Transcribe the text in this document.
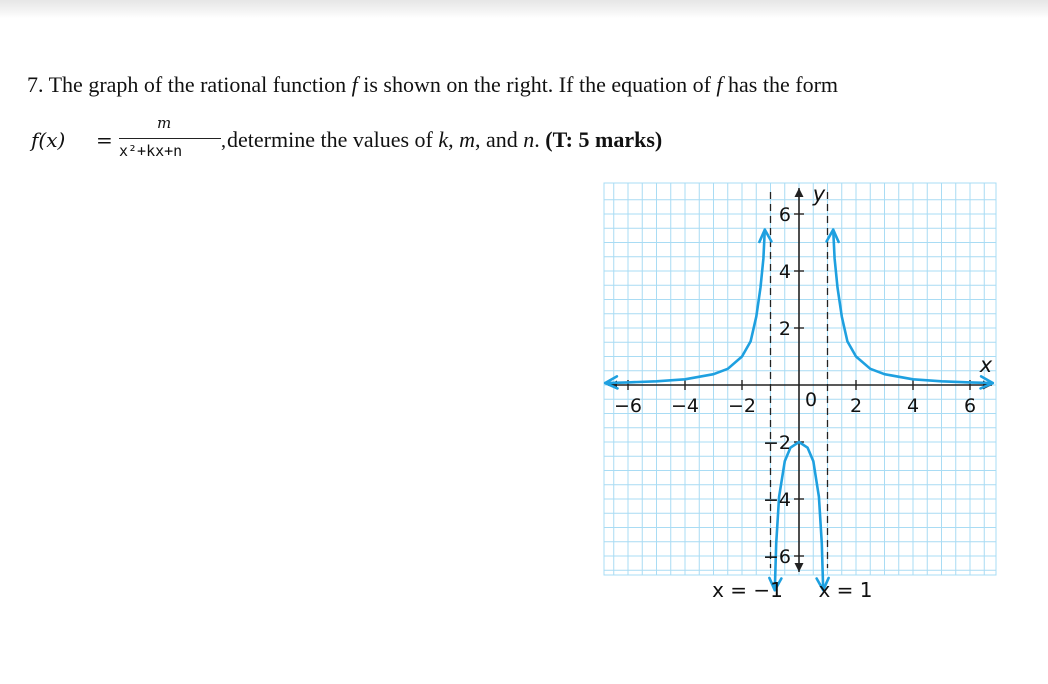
7. The graph of the rational function f is shown on the right. If the equation of f has the form
f(x) =
m
x²+kx+n , determine the values of k, m, and n. (T: 5 marks)
−6 −4 −2	2 4 6
6
4
2
−2
−4
−6
0
x
y
x = −1 x = 1
